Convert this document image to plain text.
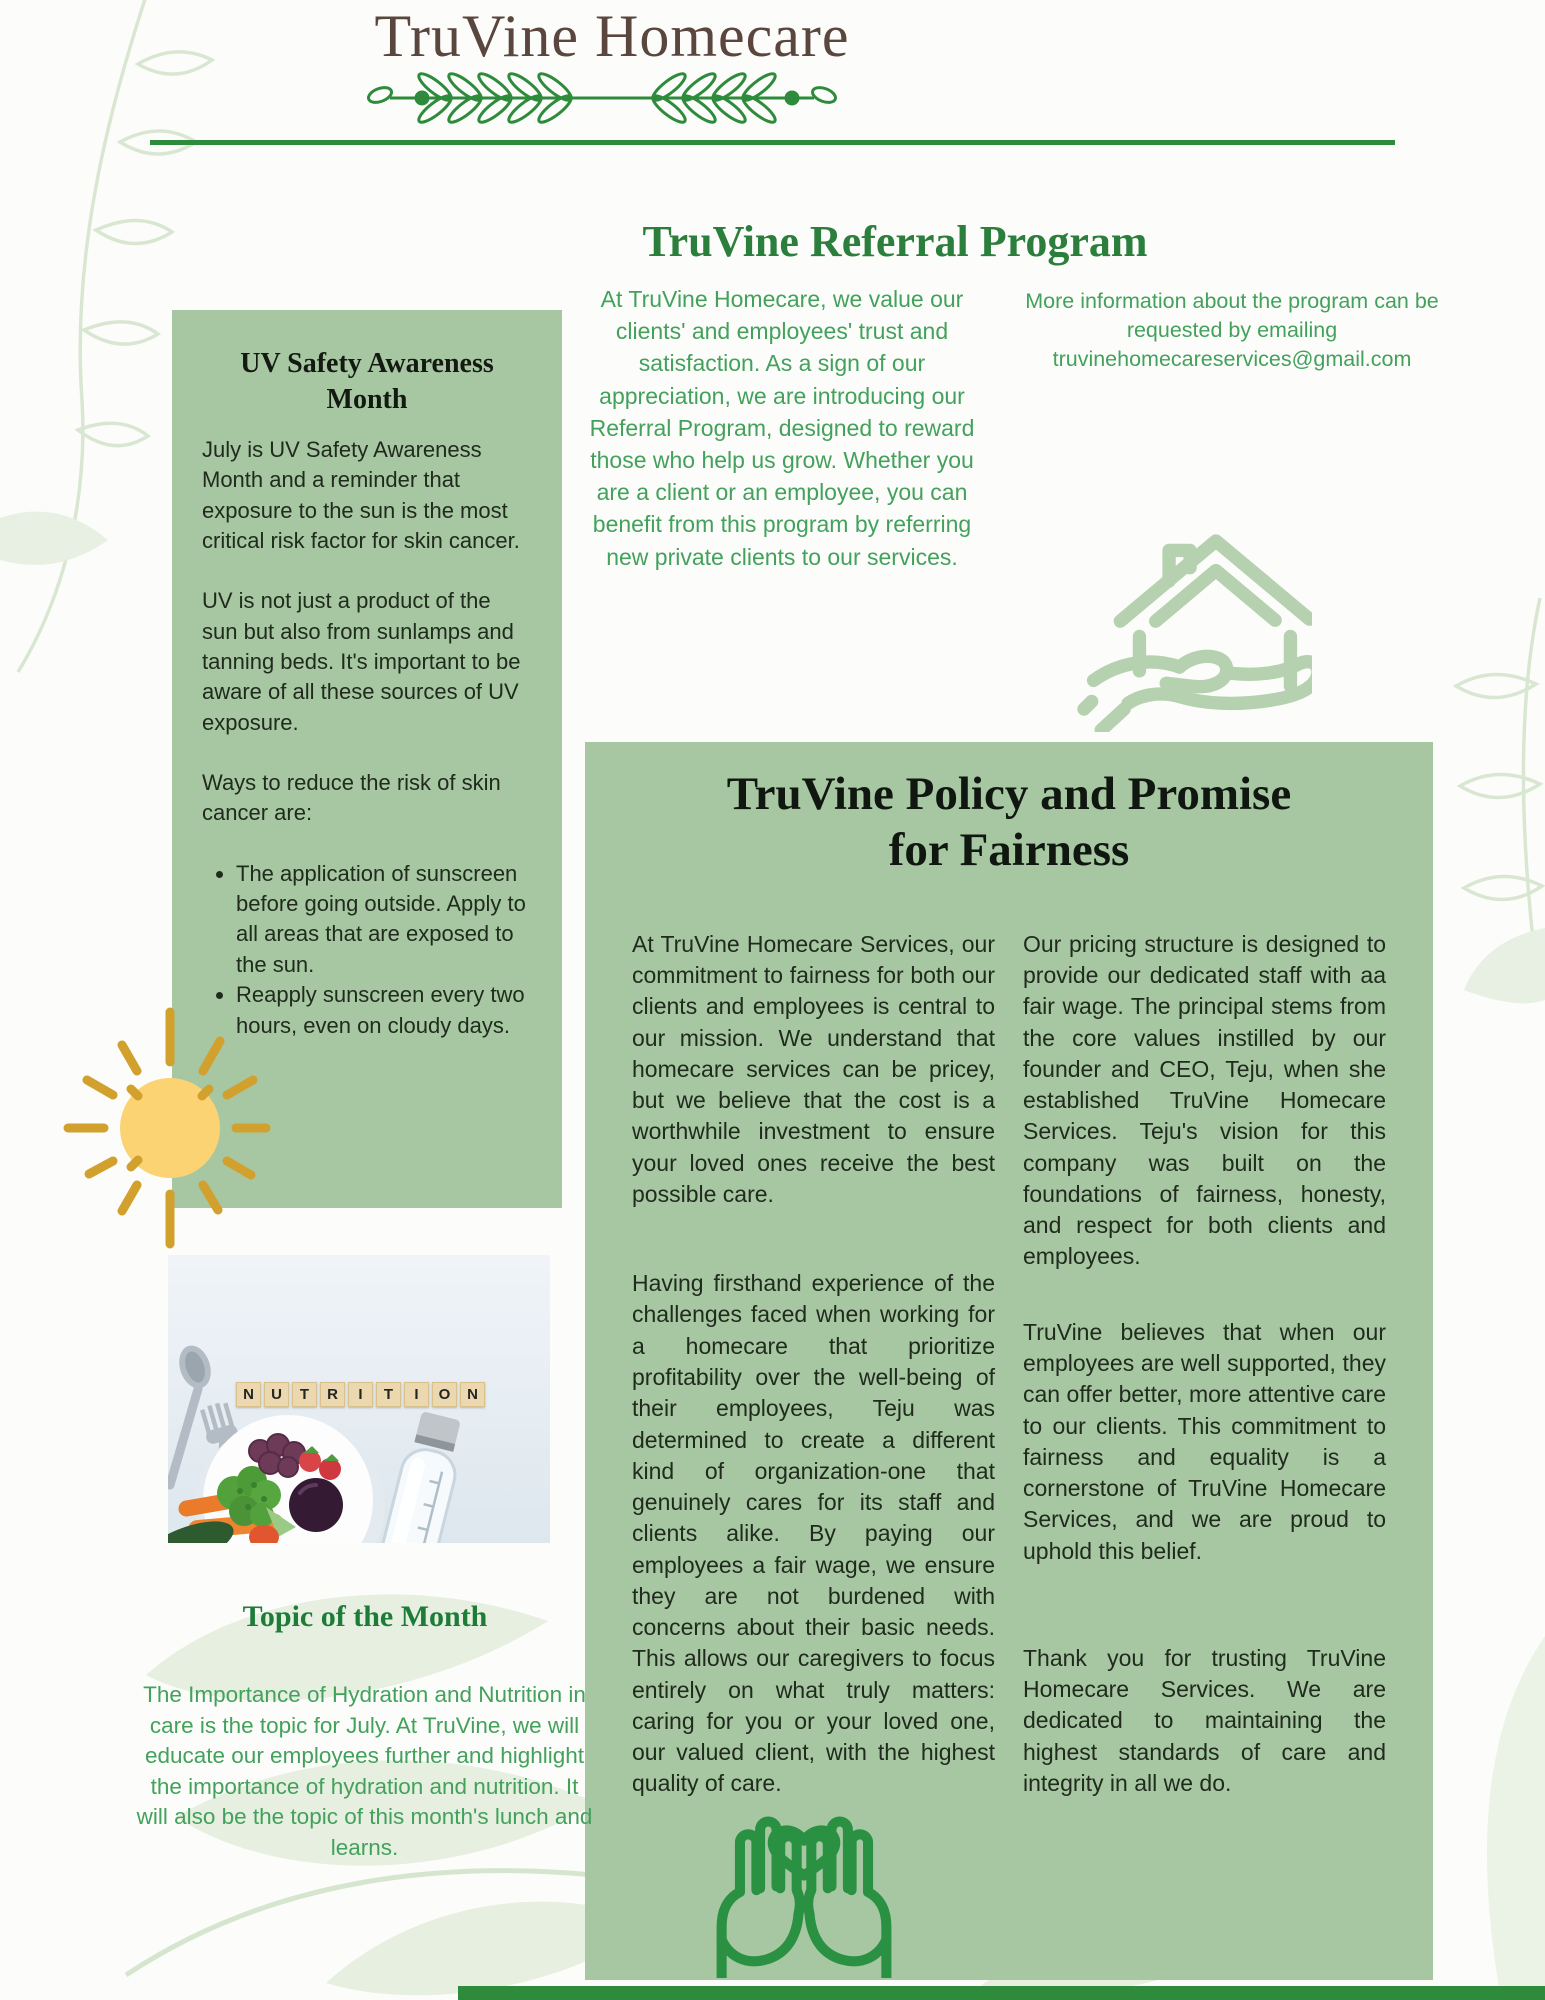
TruVine Homecare
UV Safety Awareness Month

July is UV Safety Awareness Month and a reminder that exposure to the sun is the most critical risk factor for skin cancer.

UV is not just a product of the sun but also from sunlamps and tanning beds. It's important to be aware of all these sources of UV exposure.

Ways to reduce the risk of skin cancer are:

• The application of sunscreen before going outside. Apply to all areas that are exposed to the sun.
• Reapply sunscreen every two hours, even on cloudy days.
TruVine Referral Program

At TruVine Homecare, we value our clients' and employees' trust and satisfaction. As a sign of our appreciation, we are introducing our Referral Program, designed to reward those who help us grow. Whether you are a client or an employee, you can benefit from this program by referring new private clients to our services.

More information about the program can be requested by emailing truvinehomecareservices@gmail.com

TruVine Policy and Promise
for Fairness

At TruVine Homecare Services, our commitment to fairness for both our clients and employees is central to our mission. We understand that homecare services can be pricey, but we believe that the cost is a worthwhile investment to ensure your loved ones receive the best possible care.

Having firsthand experience of the challenges faced when working for a homecare that prioritize profitability over the well-being of their employees, Teju was determined to create a different kind of organization-one that genuinely cares for its staff and clients alike. By paying our employees a fair wage, we ensure they are not burdened with concerns about their basic needs. This allows our caregivers to focus entirely on what truly matters: caring for you or your loved one, our valued client, with the highest quality of care.

Our pricing structure is designed to provide our dedicated staff with aa fair wage. The principal stems from the core values instilled by our founder and CEO, Teju, when she established TruVine Homecare Services. Teju's vision for this company was built on the foundations of fairness, honesty, and respect for both clients and employees.

TruVine believes that when our employees are well supported, they can offer better, more attentive care to our clients. This commitment to fairness and equality is a cornerstone of TruVine Homecare Services, and we are proud to uphold this belief.

Thank you for trusting TruVine Homecare Services. We are dedicated to maintaining the highest standards of care and integrity in all we do.

N	U	T	R	I	T	I	O	N
Topic of the Month

The Importance of Hydration and Nutrition in care is the topic for July. At TruVine, we will educate our employees further and highlight the importance of hydration and nutrition. It will also be the topic of this month's lunch and learns.
